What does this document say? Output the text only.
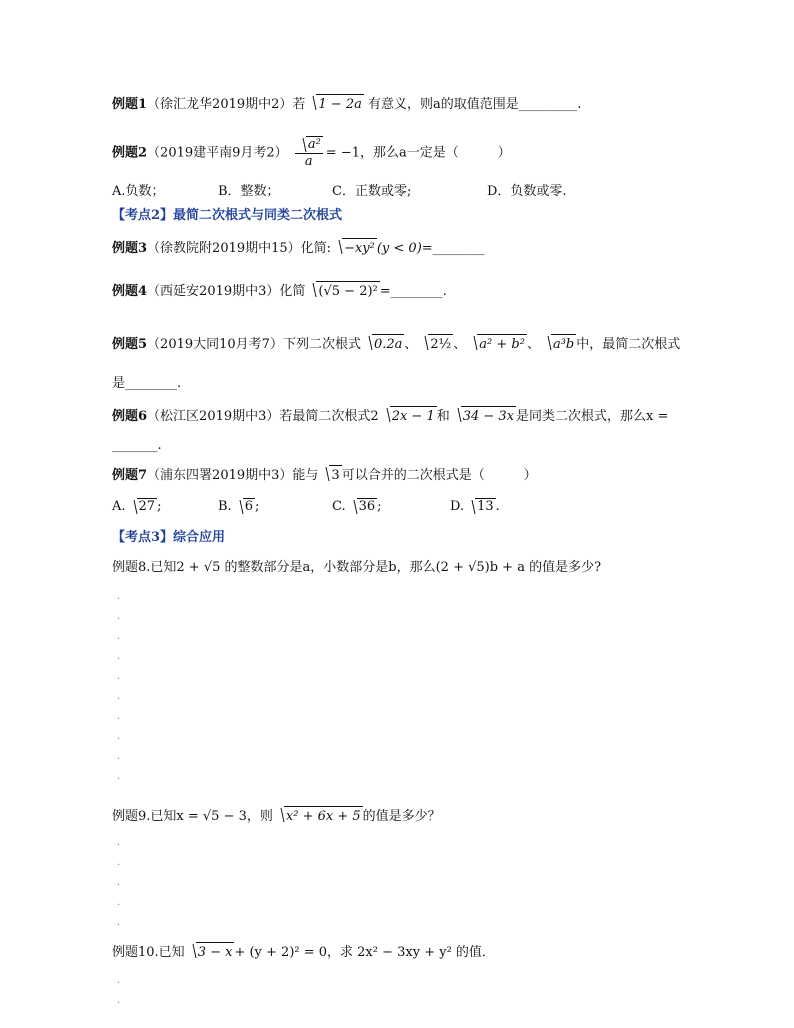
例题1（徐汇龙华2019期中2）若 1 − 2a 有意义，则a的取值范围是_________.
例题2（2019建平南9月考$2) \frac{\text{a²}}{a} = -1$，那么a一定是（　　　）
A.负数；	B．整数；	C．正数或零;	D．负数或零.
【考点2】最简二次根式与同类二次根式
例题3（徐教院附2019期中15）化简: −xy² (y < 0)=________
例题4（西延安2019期中3）化简 (√5 − 2)² =________.
例题5（2019大同10月考7）下列二次根式 0.2a 、 2½ 、 a² + b² 、 a³b 中，最简二次根式
是________.
例题6（松江区2019期中3）若最简二次根式2 2x − 1 和 34 − 3x 是同类二次根式，那么x =
_______.
例题7（浦东四署2019期中3）能与 3 可以合并的二次根式是（　　　）
A. 27 ;	B. 6 ;	C. 36 ;	D. 13 .
【考点3】综合应用
例题8.已知2 + √5 的整数部分是a，小数部分是b，那么(2 + √5)b + a 的值是多少?
·
·
·
·
·
·
·
·
·
·
例题9.已知x = √5 − 3，则 x² + 6x + 5 的值是多少？
·
·
·
·
·
例题10.已知 3 − x + (y + 2)² = 0，求 2x² − 3xy + y² 的值．
·
·
